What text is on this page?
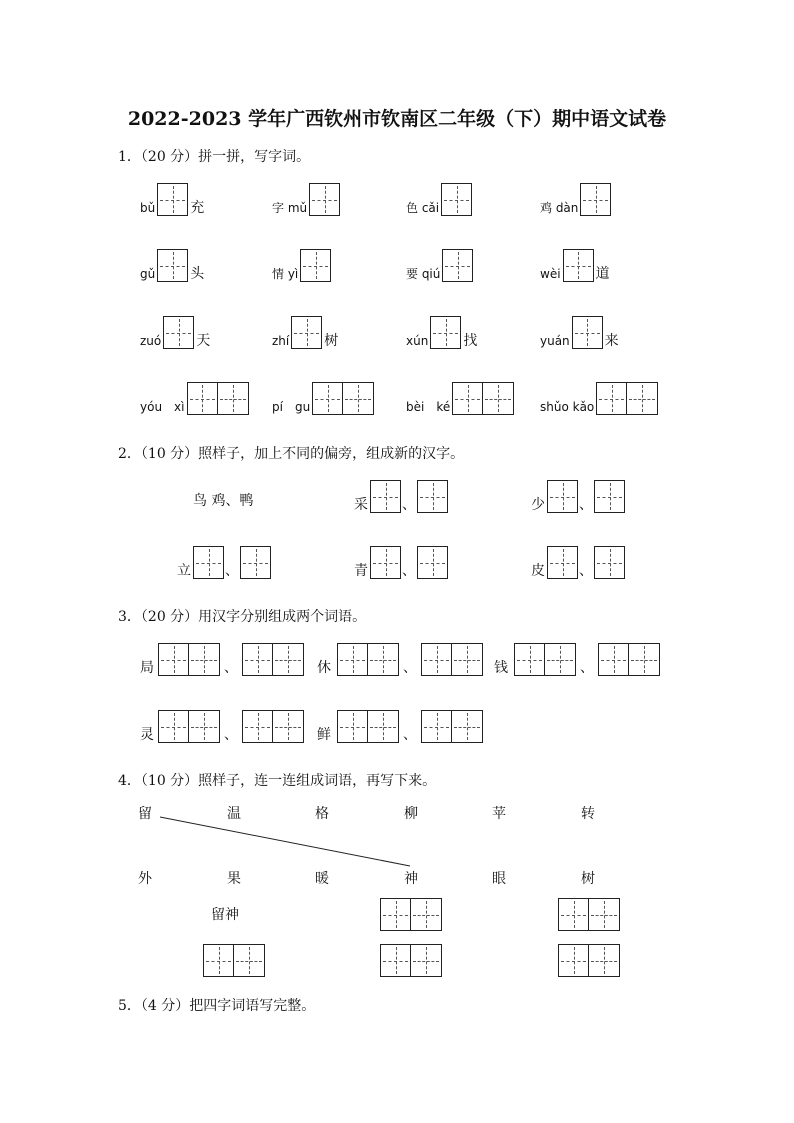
2022-2023 学年广西钦州市钦南区二年级（下）期中语文试卷
1．（20 分）拼一拼，写字词。
bǔ	充	字 mǔ	色 cǎi	鸡 dàn
gǔ	头	情 yì	要 qiú	wèi	道
zuó	天	zhí	树	xún	找	yuán	来
yóu　xì	pí　gu	bèi　ké	shǔo kǎo
2．（10 分）照样子，加上不同的偏旁，组成新的汉字。
鸟 鸡、鸭	采 、	少 、
立 、	青 、	皮 、
3．（20 分）用汉字分别组成两个词语。
局	、	休	、	钱	、
灵	、	鲜	、
4．（10 分）照样子，连一连组成词语，再写下来。
留	温	格	柳	苹	转
外	果	暖	神	眼	树
留神
5．（4 分）把四字词语写完整。
